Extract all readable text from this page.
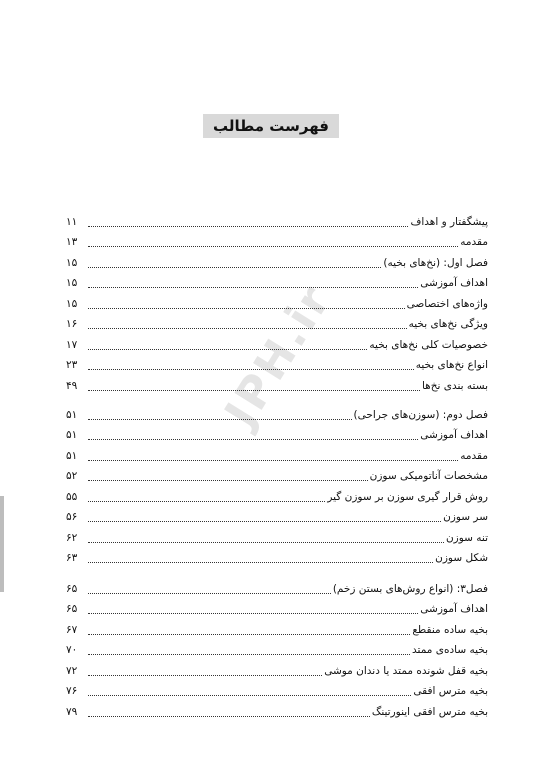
فهرست مطالب
JPH.ir
پیشگفتار و اهداف
۱۱
مقدمه
۱۳
فصل اول: (نخ‌های بخیه)
۱۵
اهداف آموزشی
۱۵
واژه‌های اختصاصی
۱۵
ویژگی نخ‌های بخیه
۱۶
خصوصیات کلی نخ‌های بخیه
۱۷
انواع نخ‌های بخیه
۲۳
بسته بندی نخ‌ها
۴۹
فصل دوم: (سوزن‌های جراحی)
۵۱
اهداف آموزشی
۵۱
مقدمه
۵۱
مشخصات آناتومیکی سوزن
۵۲
روش قرار گیری سوزن بر سوزن گیر
۵۵
سر سوزن
۵۶
تنه سوزن
۶۲
شکل سوزن
۶۳
فصل۳: (انواع روش‌های بستن زخم)
۶۵
اهداف آموزشی
۶۵
بخیه ساده منقطع
۶۷
بخیه ساده‌ی ممتد
۷۰
بخیه قفل شونده ممتد یا دندان موشی
۷۲
بخیه مترس افقی
۷۶
بخیه مترس افقی اینورتینگ
۷۹
